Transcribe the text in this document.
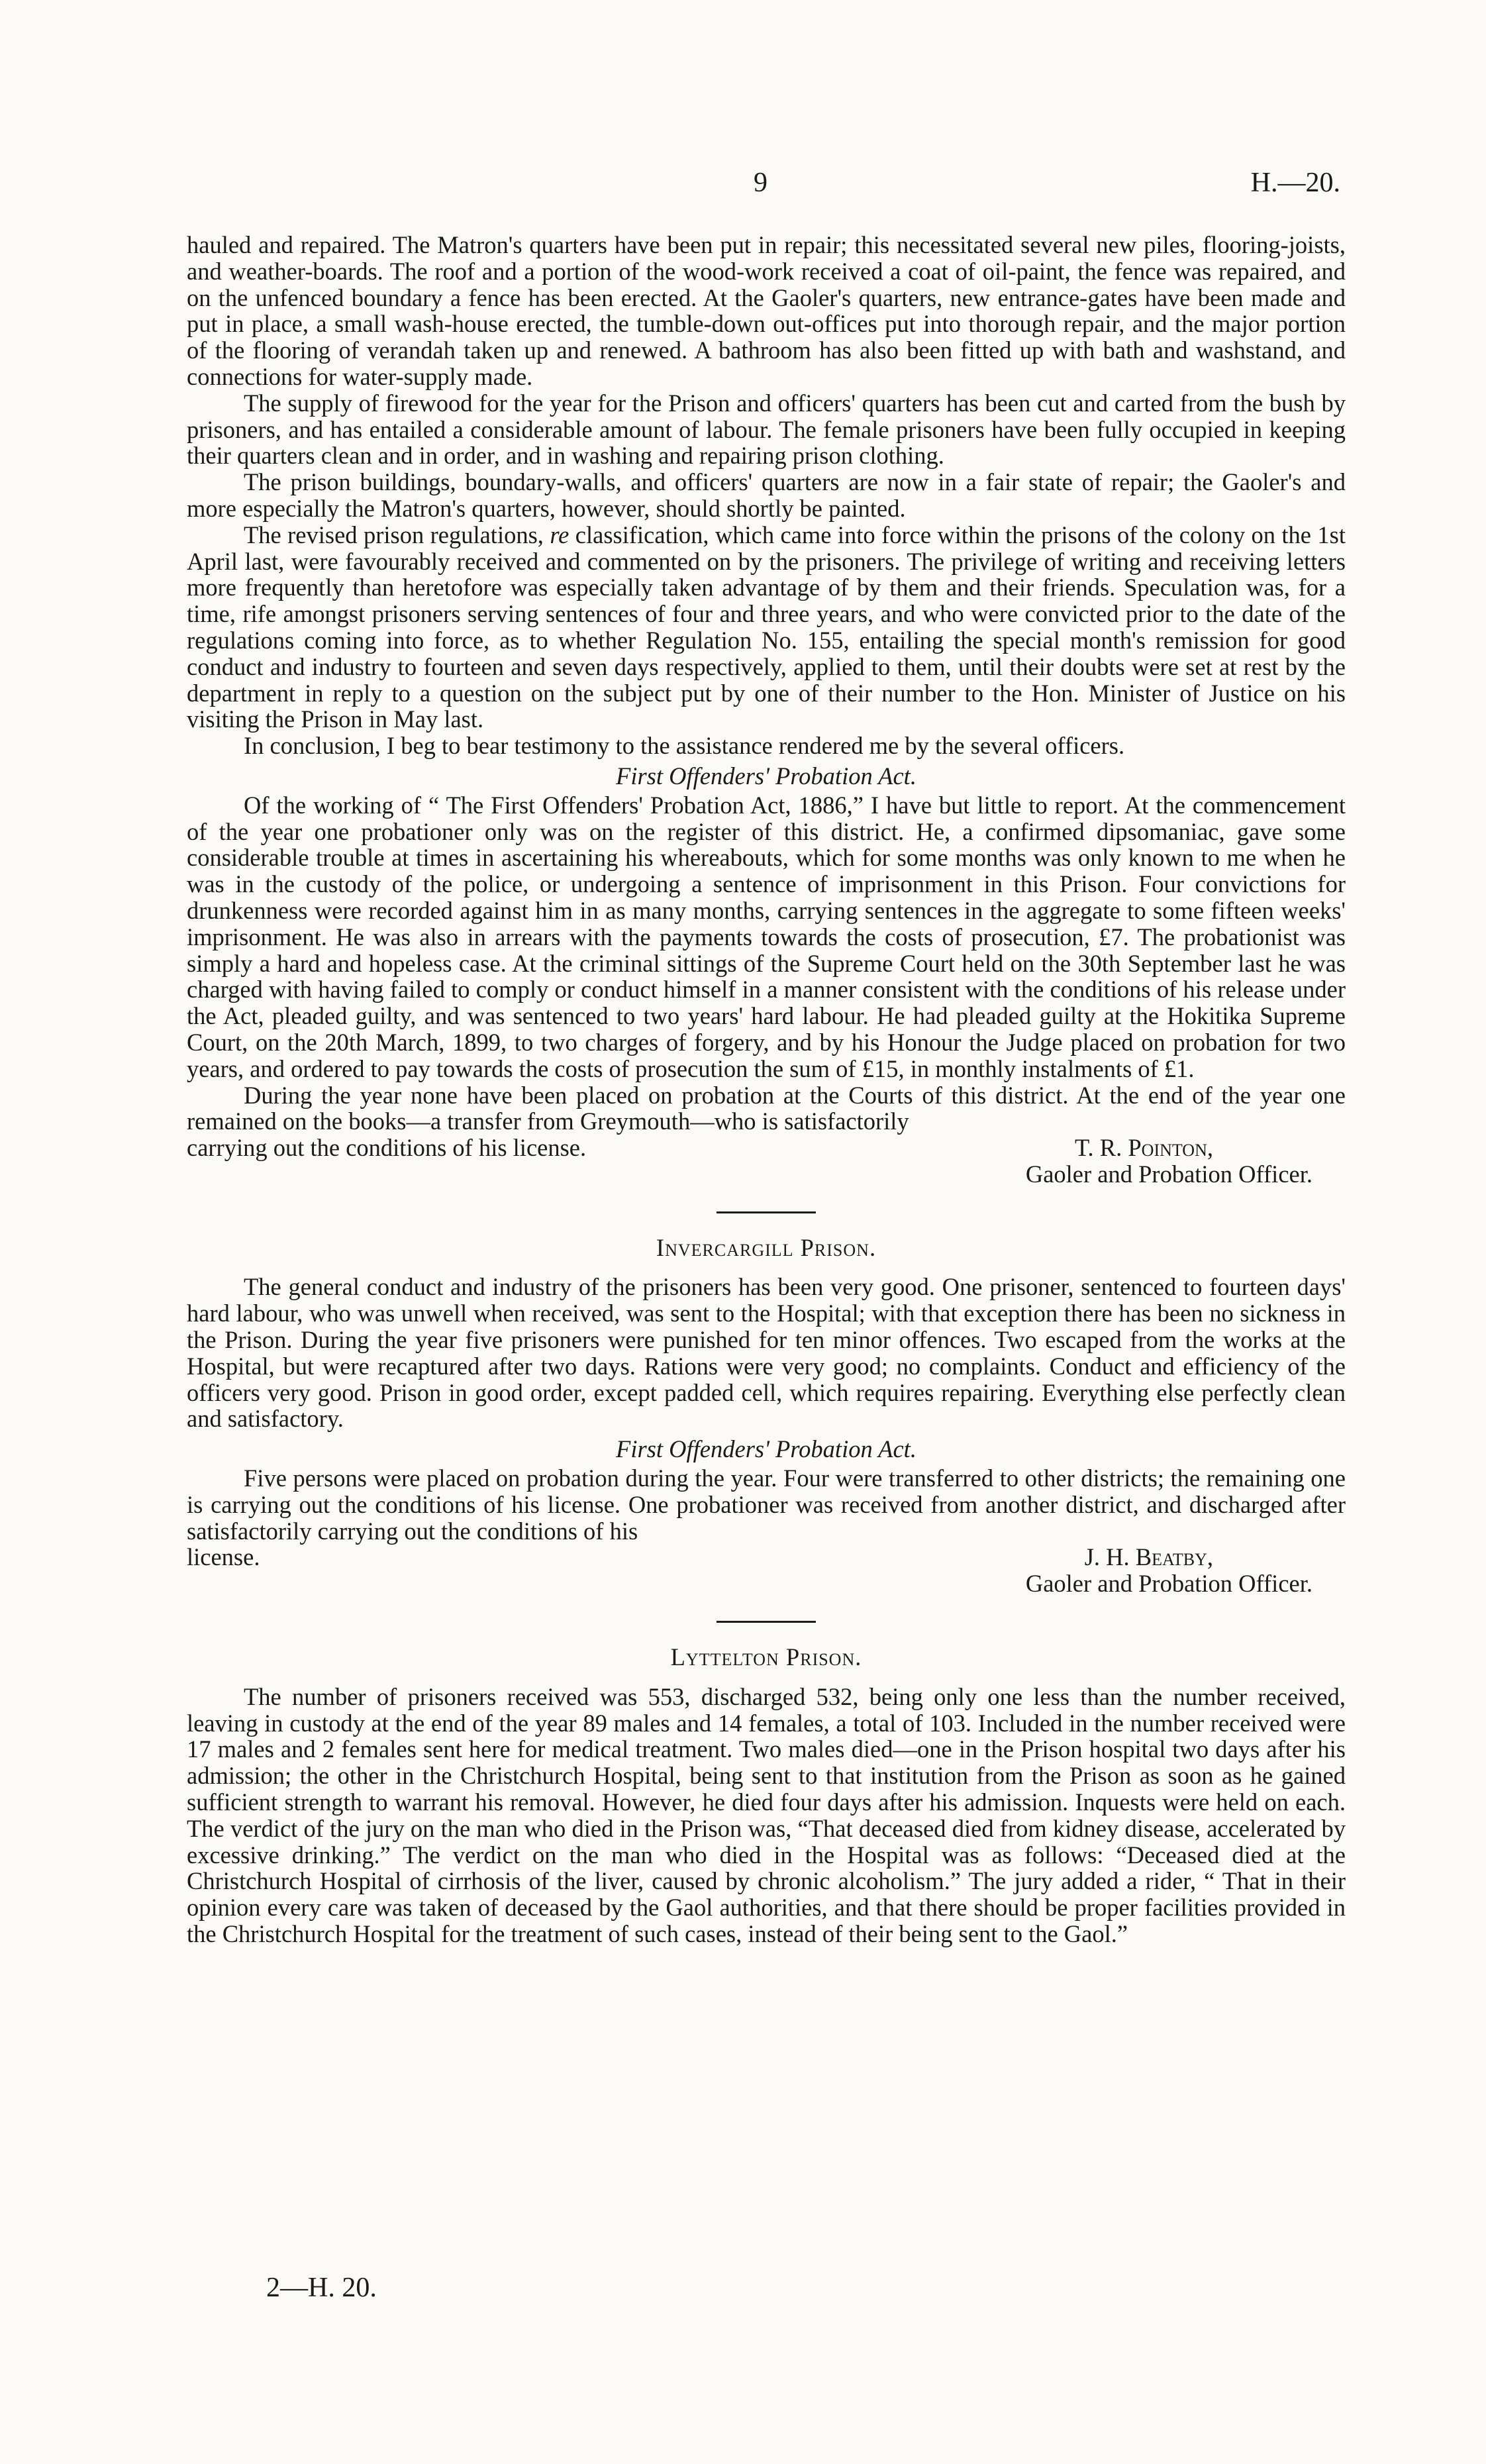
9	H.—20.

hauled and repaired. The Matron's quarters have been put in repair; this necessitated several new piles, flooring-joists, and weather-boards. The roof and a portion of the wood-work received a coat of oil-paint, the fence was repaired, and on the unfenced boundary a fence has been erected. At the Gaoler's quarters, new entrance-gates have been made and put in place, a small wash-house erected, the tumble-down out-offices put into thorough repair, and the major portion of the flooring of verandah taken up and renewed. A bathroom has also been fitted up with bath and washstand, and connections for water-supply made.

The supply of firewood for the year for the Prison and officers' quarters has been cut and carted from the bush by prisoners, and has entailed a considerable amount of labour. The female prisoners have been fully occupied in keeping their quarters clean and in order, and in washing and repairing prison clothing.

The prison buildings, boundary-walls, and officers' quarters are now in a fair state of repair; the Gaoler's and more especially the Matron's quarters, however, should shortly be painted.

The revised prison regulations, re classification, which came into force within the prisons of the colony on the 1st April last, were favourably received and commented on by the prisoners. The privilege of writing and receiving letters more frequently than heretofore was especially taken advantage of by them and their friends. Speculation was, for a time, rife amongst prisoners serving sentences of four and three years, and who were convicted prior to the date of the regulations coming into force, as to whether Regulation No. 155, entailing the special month's remission for good conduct and industry to fourteen and seven days respectively, applied to them, until their doubts were set at rest by the department in reply to a question on the subject put by one of their number to the Hon. Minister of Justice on his visiting the Prison in May last.

In conclusion, I beg to bear testimony to the assistance rendered me by the several officers.

First Offenders' Probation Act.

Of the working of “ The First Offenders' Probation Act, 1886,” I have but little to report. At the commencement of the year one probationer only was on the register of this district. He, a confirmed dipsomaniac, gave some considerable trouble at times in ascertaining his whereabouts, which for some months was only known to me when he was in the custody of the police, or undergoing a sentence of imprisonment in this Prison. Four convictions for drunkenness were recorded against him in as many months, carrying sentences in the aggregate to some fifteen weeks' imprisonment. He was also in arrears with the payments towards the costs of prosecution, £7. The probationist was simply a hard and hopeless case. At the criminal sittings of the Supreme Court held on the 30th September last he was charged with having failed to comply or conduct himself in a manner consistent with the conditions of his release under the Act, pleaded guilty, and was sentenced to two years' hard labour. He had pleaded guilty at the Hokitika Supreme Court, on the 20th March, 1899, to two charges of forgery, and by his Honour the Judge placed on probation for two years, and ordered to pay towards the costs of prosecution the sum of £15, in monthly instalments of £1.

During the year none have been placed on probation at the Courts of this district. At the end of the year one remained on the books—a transfer from Greymouth—who is satisfactorily

carrying out the conditions of his license.	T. R. Pointon,

Gaoler and Probation Officer.

Invercargill Prison.

The general conduct and industry of the prisoners has been very good. One prisoner, sentenced to fourteen days' hard labour, who was unwell when received, was sent to the Hospital; with that exception there has been no sickness in the Prison. During the year five prisoners were punished for ten minor offences. Two escaped from the works at the Hospital, but were recaptured after two days. Rations were very good; no complaints. Conduct and efficiency of the officers very good. Prison in good order, except padded cell, which requires repairing. Everything else perfectly clean and satisfactory.

First Offenders' Probation Act.

Five persons were placed on probation during the year. Four were transferred to other districts; the remaining one is carrying out the conditions of his license. One probationer was received from another district, and discharged after satisfactorily carrying out the conditions of his

license.	J. H. Beatby,

Gaoler and Probation Officer.

Lyttelton Prison.

The number of prisoners received was 553, discharged 532, being only one less than the number received, leaving in custody at the end of the year 89 males and 14 females, a total of 103. Included in the number received were 17 males and 2 females sent here for medical treatment. Two males died—one in the Prison hospital two days after his admission; the other in the Christchurch Hospital, being sent to that institution from the Prison as soon as he gained sufficient strength to warrant his removal. However, he died four days after his admission. Inquests were held on each. The verdict of the jury on the man who died in the Prison was, “That deceased died from kidney disease, accelerated by excessive drinking.” The verdict on the man who died in the Hospital was as follows: “Deceased died at the Christchurch Hospital of cirrhosis of the liver, caused by chronic alcoholism.” The jury added a rider, “ That in their opinion every care was taken of deceased by the Gaol authorities, and that there should be proper facilities provided in the Christchurch Hospital for the treatment of such cases, instead of their being sent to the Gaol.”

2—H. 20.
